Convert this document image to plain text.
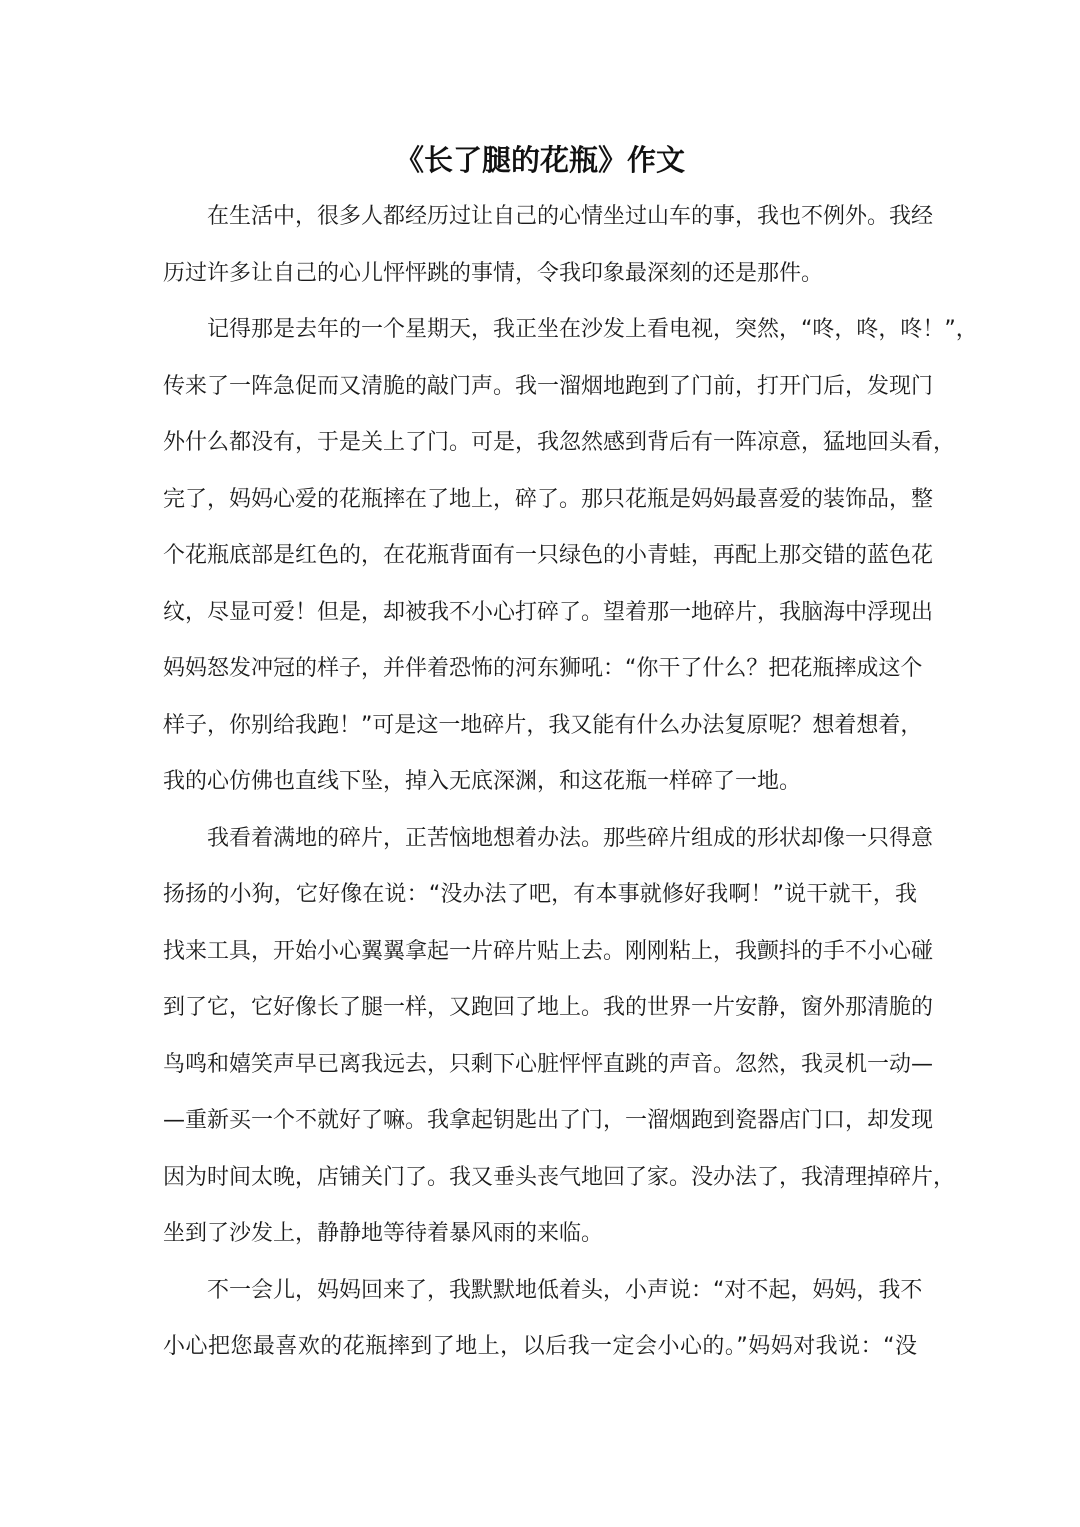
《长了腿的花瓶》作文
在生活中，很多人都经历过让自己的心情坐过山车的事，我也不例外。我经
历过许多让自己的心儿怦怦跳的事情，令我印象最深刻的还是那件。
记得那是去年的一个星期天，我正坐在沙发上看电视，突然，“咚，咚，咚！”，
传来了一阵急促而又清脆的敲门声。我一溜烟地跑到了门前，打开门后，发现门
外什么都没有，于是关上了门。可是，我忽然感到背后有一阵凉意，猛地回头看，
完了，妈妈心爱的花瓶摔在了地上，碎了。那只花瓶是妈妈最喜爱的装饰品，整
个花瓶底部是红色的，在花瓶背面有一只绿色的小青蛙，再配上那交错的蓝色花
纹，尽显可爱！但是，却被我不小心打碎了。望着那一地碎片，我脑海中浮现出
妈妈怒发冲冠的样子，并伴着恐怖的河东狮吼：“你干了什么？把花瓶摔成这个
样子，你别给我跑！”可是这一地碎片，我又能有什么办法复原呢？想着想着，
我的心仿佛也直线下坠，掉入无底深渊，和这花瓶一样碎了一地。
我看着满地的碎片，正苦恼地想着办法。那些碎片组成的形状却像一只得意
扬扬的小狗，它好像在说：“没办法了吧，有本事就修好我啊！”说干就干，我
找来工具，开始小心翼翼拿起一片碎片贴上去。刚刚粘上，我颤抖的手不小心碰
到了它，它好像长了腿一样，又跑回了地上。我的世界一片安静，窗外那清脆的
鸟鸣和嬉笑声早已离我远去，只剩下心脏怦怦直跳的声音。忽然，我灵机一动—
—重新买一个不就好了嘛。我拿起钥匙出了门，一溜烟跑到瓷器店门口，却发现
因为时间太晚，店铺关门了。我又垂头丧气地回了家。没办法了，我清理掉碎片，
坐到了沙发上，静静地等待着暴风雨的来临。
不一会儿，妈妈回来了，我默默地低着头，小声说：“对不起，妈妈，我不
小心把您最喜欢的花瓶摔到了地上，以后我一定会小心的。”妈妈对我说：“没
